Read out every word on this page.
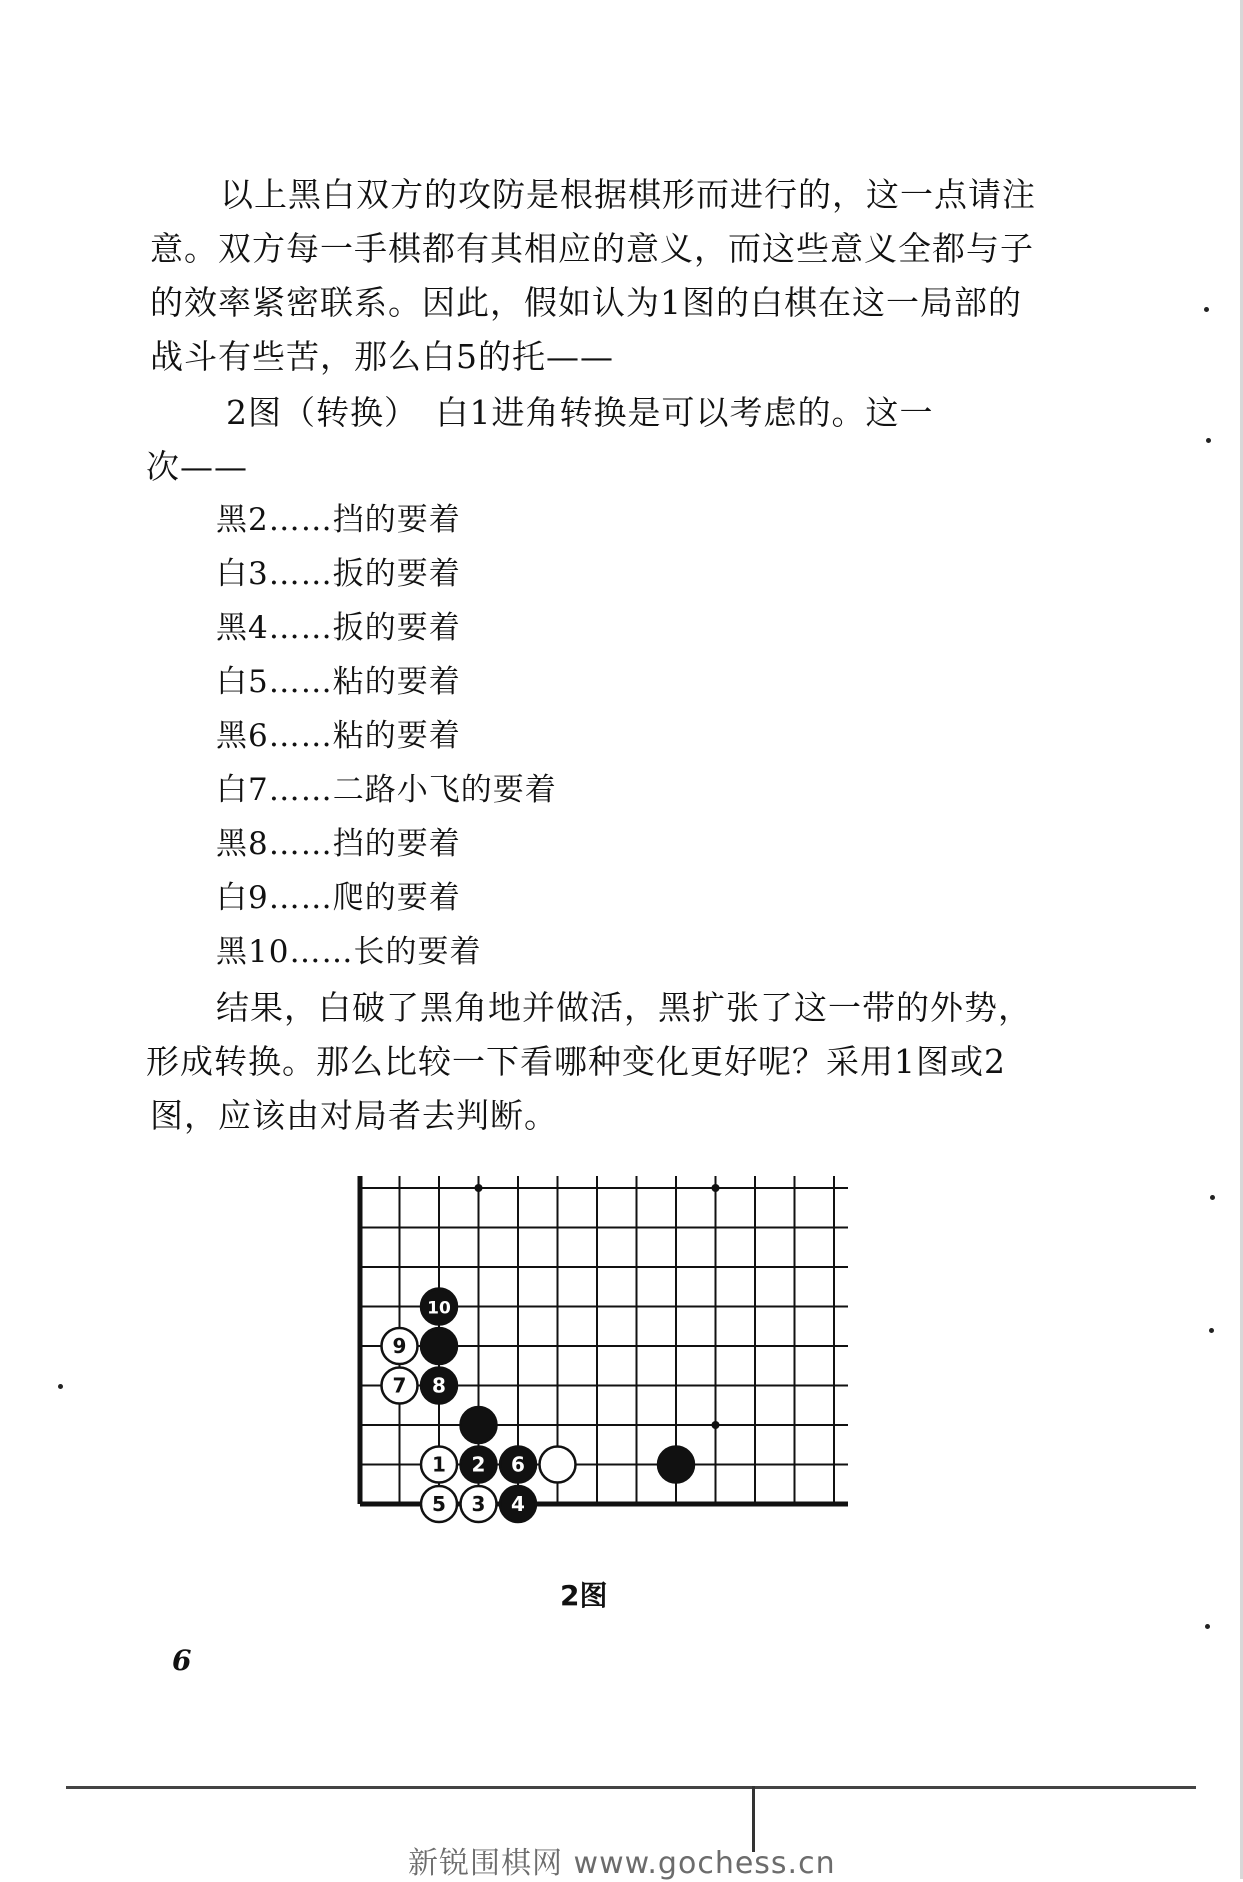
以上黑白双方的攻防是根据棋形而进行的，这一点请注
意。双方每一手棋都有其相应的意义，而这些意义全都与子
的效率紧密联系。因此，假如认为1图的白棋在这一局部的
战斗有些苦，那么白5的托——
2图（转换）　白1进角转换是可以考虑的。这一
次——
黑2……挡的要着
白3……扳的要着
黑4……扳的要着
白5……粘的要着
黑6……粘的要着
白7……二路小飞的要着
黑8……挡的要着
白9……爬的要着
黑10……长的要着
结果，白破了黑角地并做活，黑扩张了这一带的外势，
形成转换。那么比较一下看哪种变化更好呢？采用1图或2
图，应该由对局者去判断。
10
9
7 8
1 2 6
5 3 4
2图
6
新锐围棋网 www.gochess.cn
